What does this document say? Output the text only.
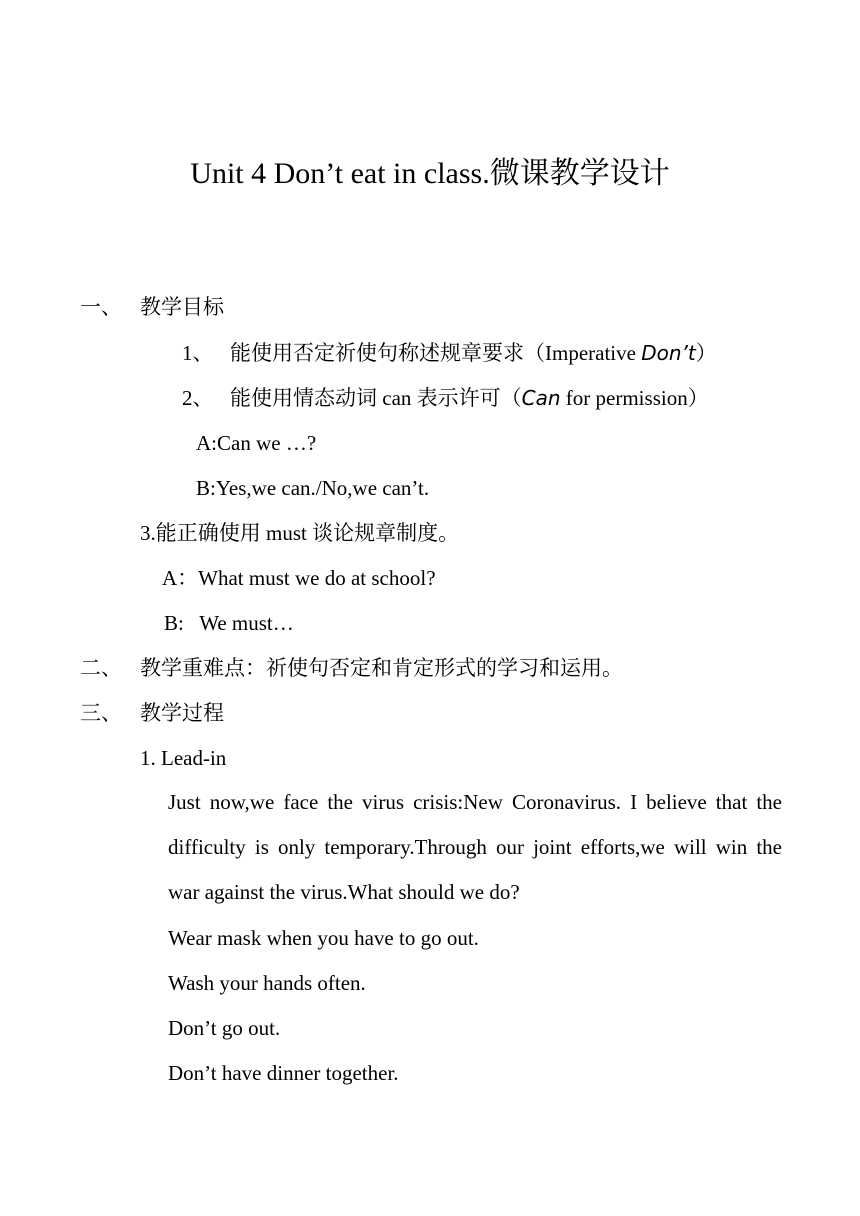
Unit 4 Don’t eat in class.微课教学设计
一、 教学目标
1、 能使用否定祈使句称述规章要求（Imperative Don’t）
2、 能使用情态动词 can 表示许可（Can for permission）
A:Can we …?
B:Yes,we can./No,we can’t.
3.能正确使用 must 谈论规章制度。
A：What must we do at school?
B:   We must…
二、 教学重难点：祈使句否定和肯定形式的学习和运用。
三、 教学过程
1. Lead-in
Just now,we face the virus crisis:New Coronavirus. I believe that the difficulty is only temporary.Through our joint efforts,we will win the war against the virus.What should we do?
Wear mask when you have to go out.
Wash your hands often.
Don’t go out.
Don’t have dinner together.
